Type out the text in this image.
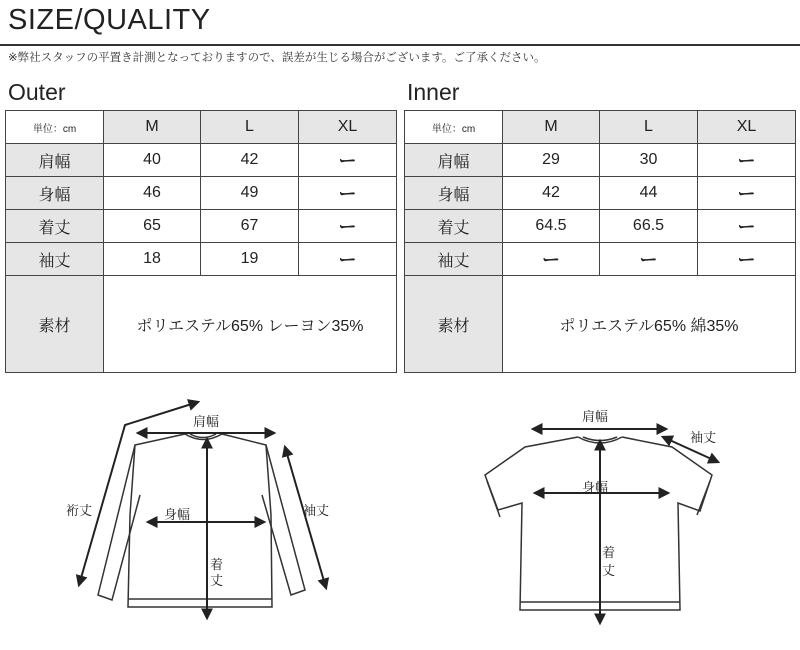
SIZE/QUALITY
※弊社スタッフの平置き計測となっておりますので、誤差が生じる場合がございます。ご了承ください。
Outer
単位：cm	M	L	XL
肩幅	40	42	ー
身幅	46	49	ー
着丈	65	67	ー
袖丈	18	19	ー
素材	ポリエステル65% レーヨン35%		
Inner
単位：cm	M	L	XL
肩幅	29	30	ー
身幅	42	44	ー
着丈	64.5	66.5	ー
袖丈	ー	ー	ー
素材	ポリエステル65% 綿35%		
肩幅
身幅
着
丈
袖丈
裄丈
肩幅
身幅
着
丈
袖丈
